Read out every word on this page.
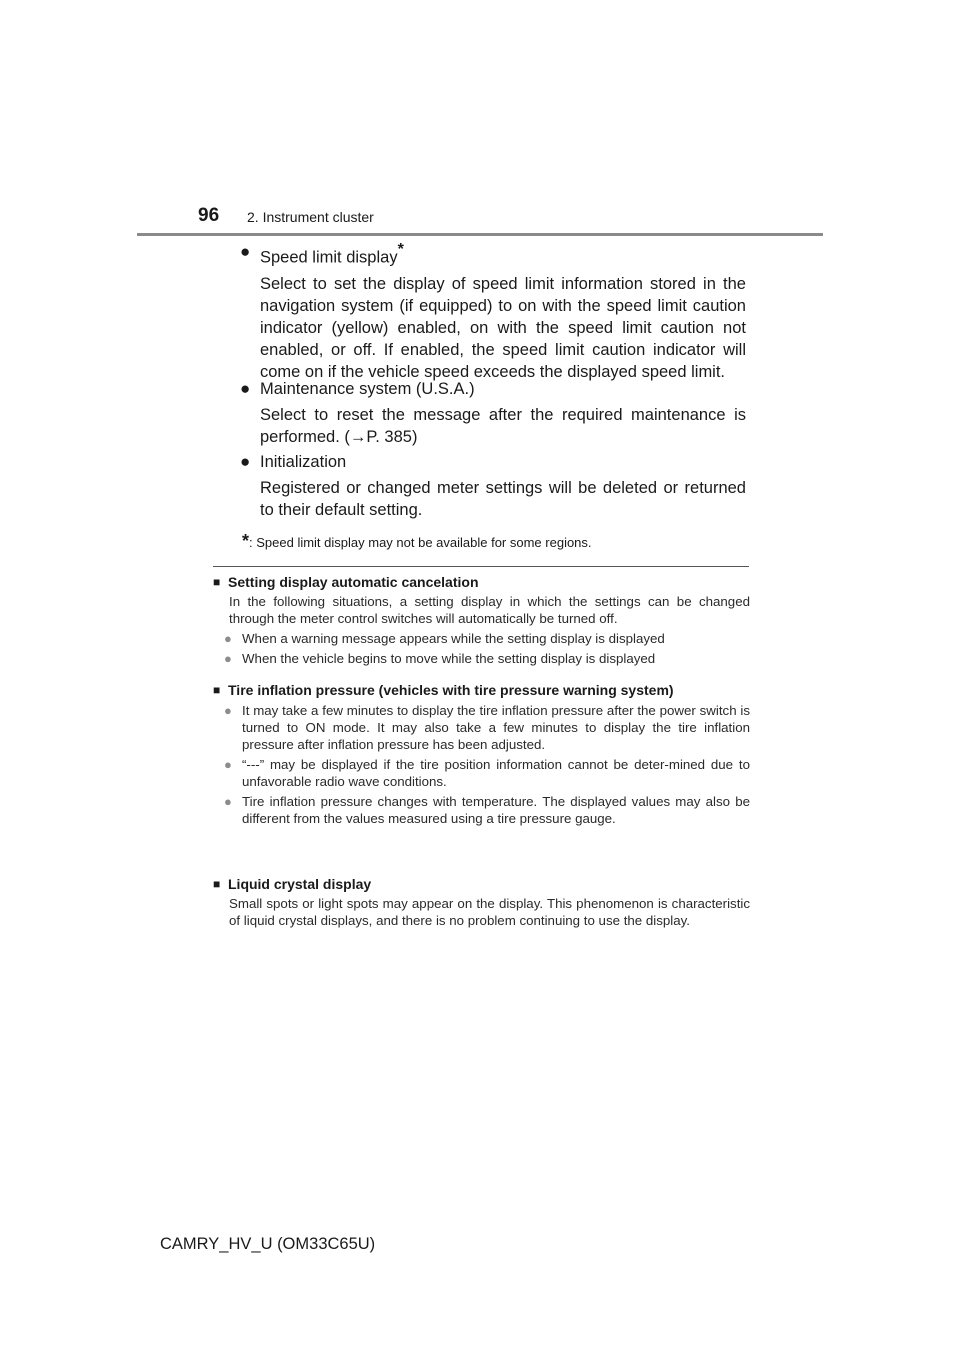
96 2. Instrument cluster
● Speed limit display*
Select to set the display of speed limit information stored in the navigation system (if equipped) to on with the speed limit caution indicator (yellow) enabled, on with the speed limit caution not enabled, or off. If enabled, the speed limit caution indicator will come on if the vehicle speed exceeds the displayed speed limit.
● Maintenance system (U.S.A.)
Select to reset the message after the required maintenance is performed. (→P. 385)
● Initialization
Registered or changed meter settings will be deleted or returned to their default setting.
*: Speed limit display may not be available for some regions.
■ Setting display automatic cancelation
In the following situations, a setting display in which the settings can be changed through the meter control switches will automatically be turned off.
● When a warning message appears while the setting display is displayed
● When the vehicle begins to move while the setting display is displayed
■ Tire inflation pressure (vehicles with tire pressure warning system)
● It may take a few minutes to display the tire inflation pressure after the power switch is turned to ON mode. It may also take a few minutes to display the tire inflation pressure after inflation pressure has been adjusted.
● “---” may be displayed if the tire position information cannot be deter-mined due to unfavorable radio wave conditions.
● Tire inflation pressure changes with temperature. The displayed values may also be different from the values measured using a tire pressure gauge.
■ Liquid crystal display
Small spots or light spots may appear on the display. This phenomenon is characteristic of liquid crystal displays, and there is no problem continuing to use the display.
CAMRY_HV_U (OM33C65U)
